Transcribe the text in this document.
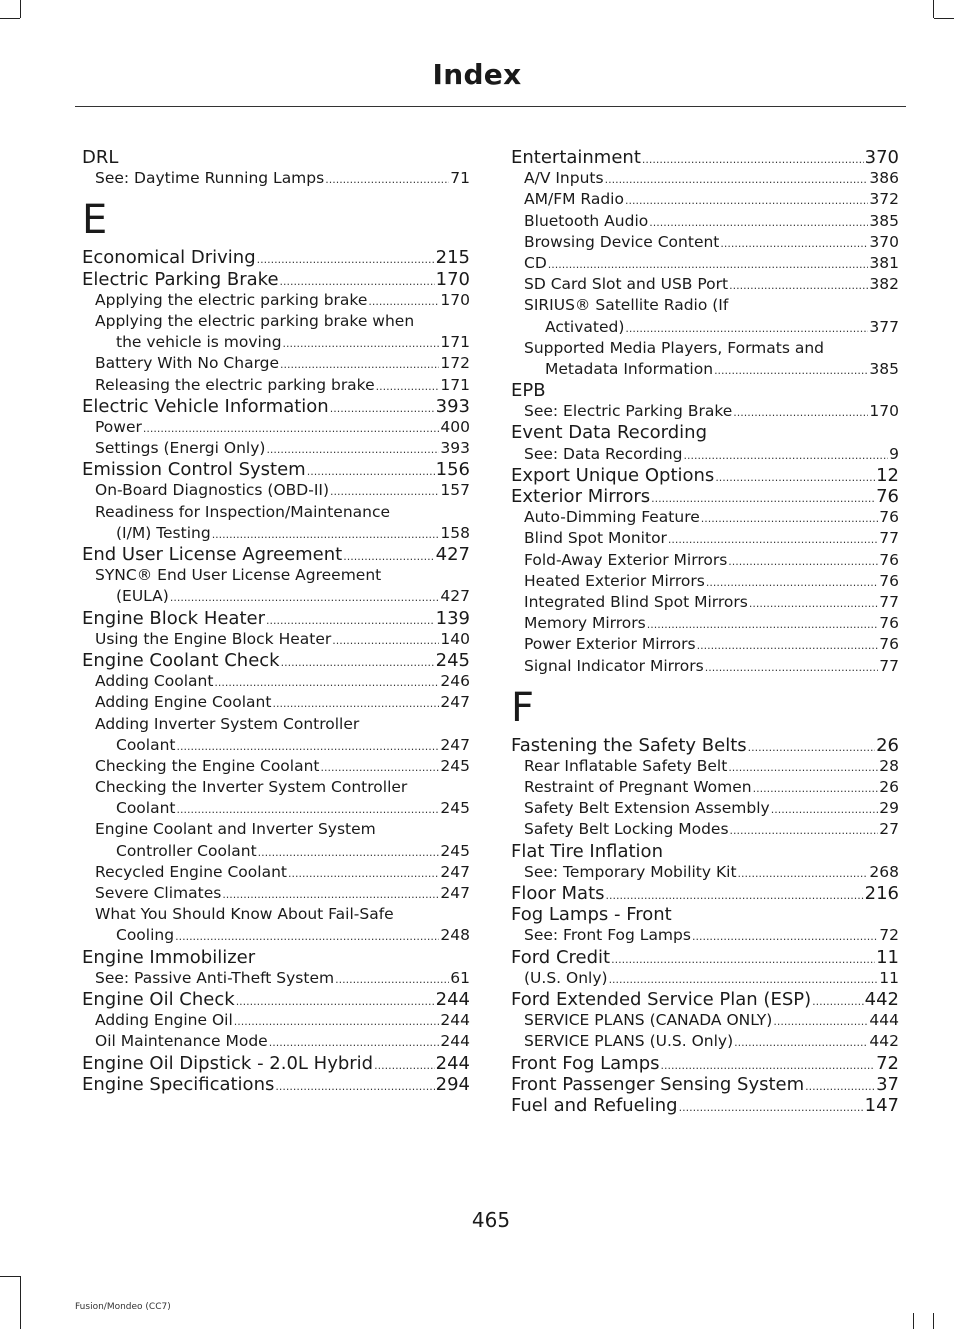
Index
DRL
See: Daytime Running Lamps .....	71
E
Economical Driving .....	215
Electric Parking Brake .....	170
Applying the electric parking brake .....	170
Applying the electric parking brake when
the vehicle is moving .....	171
Battery With No Charge .....	172
Releasing the electric parking brake .....	171
Electric Vehicle Information .....	393
Power .....	400
Settings (Energi Only) .....	393
Emission Control System .....	156
On-Board Diagnostics (OBD-II) .....	157
Readiness for Inspection/Maintenance
(I/M) Testing .....	158
End User License Agreement .....	427
SYNC® End User License Agreement
(EULA) .....	427
Engine Block Heater .....	139
Using the Engine Block Heater .....	140
Engine Coolant Check .....	245
Adding Coolant .....	246
Adding Engine Coolant .....	247
Adding Inverter System Controller
Coolant .....	247
Checking the Engine Coolant .....	245
Checking the Inverter System Controller
Coolant .....	245
Engine Coolant and Inverter System
Controller Coolant .....	245
Recycled Engine Coolant .....	247
Severe Climates .....	247
What You Should Know About Fail-Safe
Cooling .....	248
Engine Immobilizer
See: Passive Anti-Theft System .....	61
Engine Oil Check .....	244
Adding Engine Oil .....	244
Oil Maintenance Mode .....	244
Engine Oil Dipstick - 2.0L Hybrid .....	244
Engine Specifications .....	294
Entertainment .....	370
A/V Inputs .....	386
AM/FM Radio .....	372
Bluetooth Audio .....	385
Browsing Device Content .....	370
CD .....	381
SD Card Slot and USB Port .....	382
SIRIUS® Satellite Radio (If
Activated) .....	377
Supported Media Players, Formats and
Metadata Information .....	385
EPB
See: Electric Parking Brake .....	170
Event Data Recording
See: Data Recording .....	9
Export Unique Options .....	12
Exterior Mirrors .....	76
Auto-Dimming Feature .....	76
Blind Spot Monitor .....	77
Fold-Away Exterior Mirrors .....	76
Heated Exterior Mirrors .....	76
Integrated Blind Spot Mirrors .....	77
Memory Mirrors .....	76
Power Exterior Mirrors .....	76
Signal Indicator Mirrors .....	77
F
Fastening the Safety Belts .....	26
Rear Inflatable Safety Belt .....	28
Restraint of Pregnant Women .....	26
Safety Belt Extension Assembly .....	29
Safety Belt Locking Modes .....	27
Flat Tire Inflation
See: Temporary Mobility Kit .....	268
Floor Mats .....	216
Fog Lamps - Front
See: Front Fog Lamps .....	72
Ford Credit .....	11
(U.S. Only) .....	11
Ford Extended Service Plan (ESP) .....	442
SERVICE PLANS (CANADA ONLY) .....	444
SERVICE PLANS (U.S. Only) .....	442
Front Fog Lamps .....	72
Front Passenger Sensing System .....	37
Fuel and Refueling .....	147
465
Fusion/Mondeo (CC7)
